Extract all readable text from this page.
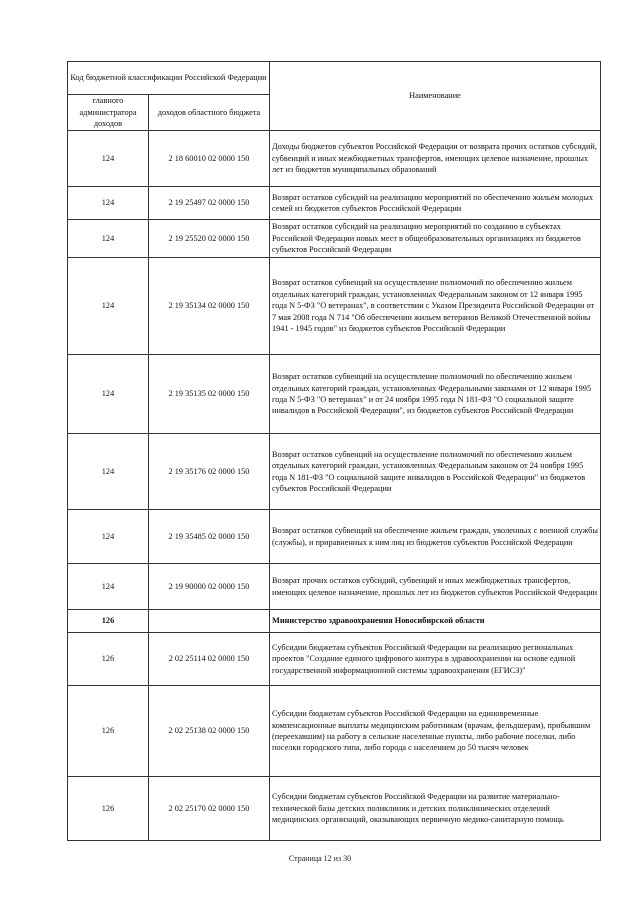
Код бюджетной классификации Российской Федерации		Наименование
главного администратора доходов	доходов областного бюджета	
124	2 18 60010 02 0000 150	Доходы бюджетов субъектов Российской Федерации от возврата прочих остатков субсидий, субвенций и иных межбюджетных трансфертов, имеющих целевое назначение, прошлых лет из бюджетов муниципальных образований
124	2 19 25497 02 0000 150	Возврат остатков субсидий на реализацию мероприятий по обеспечению жильем молодых семей из бюджетов субъектов Российской Федерации
124	2 19 25520 02 0000 150	Возврат остатков субсидий на реализацию мероприятий по созданию в субъектах Российской Федерации новых мест в общеобразовательных организациях из бюджетов субъектов Российской Федерации
124	2 19 35134 02 0000 150	Возврат остатков субвенций на осуществление полномочий по обеспечению жильем отдельных категорий граждан, установленных Федеральным законом от 12 января 1995 года N 5-ФЗ "О ветеранах", в соответствии с Указом Президента Российской Федерации от 7 мая 2008 года N 714 "Об обеспечении жильем ветеранов Великой Отечественной войны 1941 - 1945 годов" из бюджетов субъектов Российской Федерации
124	2 19 35135 02 0000 150	Возврат остатков субвенций на осуществление полномочий по обеспечению жильем отдельных категорий граждан, установленных Федеральными законами от 12 января 1995 года N 5-ФЗ "О ветеранах" и от 24 ноября 1995 года N 181-ФЗ "О социальной защите инвалидов в Российской Федерации", из бюджетов субъектов Российской Федерации
124	2 19 35176 02 0000 150	Возврат остатков субвенций на осуществление полномочий по обеспечению жильем отдельных категорий граждан, установленных Федеральным законом от 24 ноября 1995 года N 181-ФЗ "О социальной защите инвалидов в Российской Федерации" из бюджетов субъектов Российской Федерации
124	2 19 35485 02 0000 150	Возврат остатков субвенций на обеспечение жильем граждан, уволенных с военной службы (службы), и приравненных к ним лиц из бюджетов субъектов Российской Федерации
124	2 19 90000 02 0000 150	Возврат прочих остатков субсидий, субвенций и иных межбюджетных трансфертов, имеющих целевое назначение, прошлых лет из бюджетов субъектов Российской Федерации
126		Министерство здравоохранения Новосибирской области
126	2 02 25114 02 0000 150	Субсидии бюджетам субъектов Российской Федерации на реализацию региональных проектов "Создание единого цифрового контура в здравоохранении на основе единой государственной информационной системы здравоохранения (ЕГИСЗ)"
126	2 02 25138 02 0000 150	Субсидии бюджетам субъектов Российской Федерации на единовременные компенсационные выплаты медицинским работникам (врачам, фельдшерам), прибывшим (переехавшим) на работу в сельские населенные пункты, либо рабочие поселки, либо поселки городского типа, либо города с населением до 50 тысяч человек
126	2 02 25170 02 0000 150	Субсидии бюджетам субъектов Российской Федерации на развитие материально-технической базы детских поликлиник и детских поликлинических отделений медицинских организаций, оказывающих первичную медико-санитарную помощь
Страница 12 из 30
